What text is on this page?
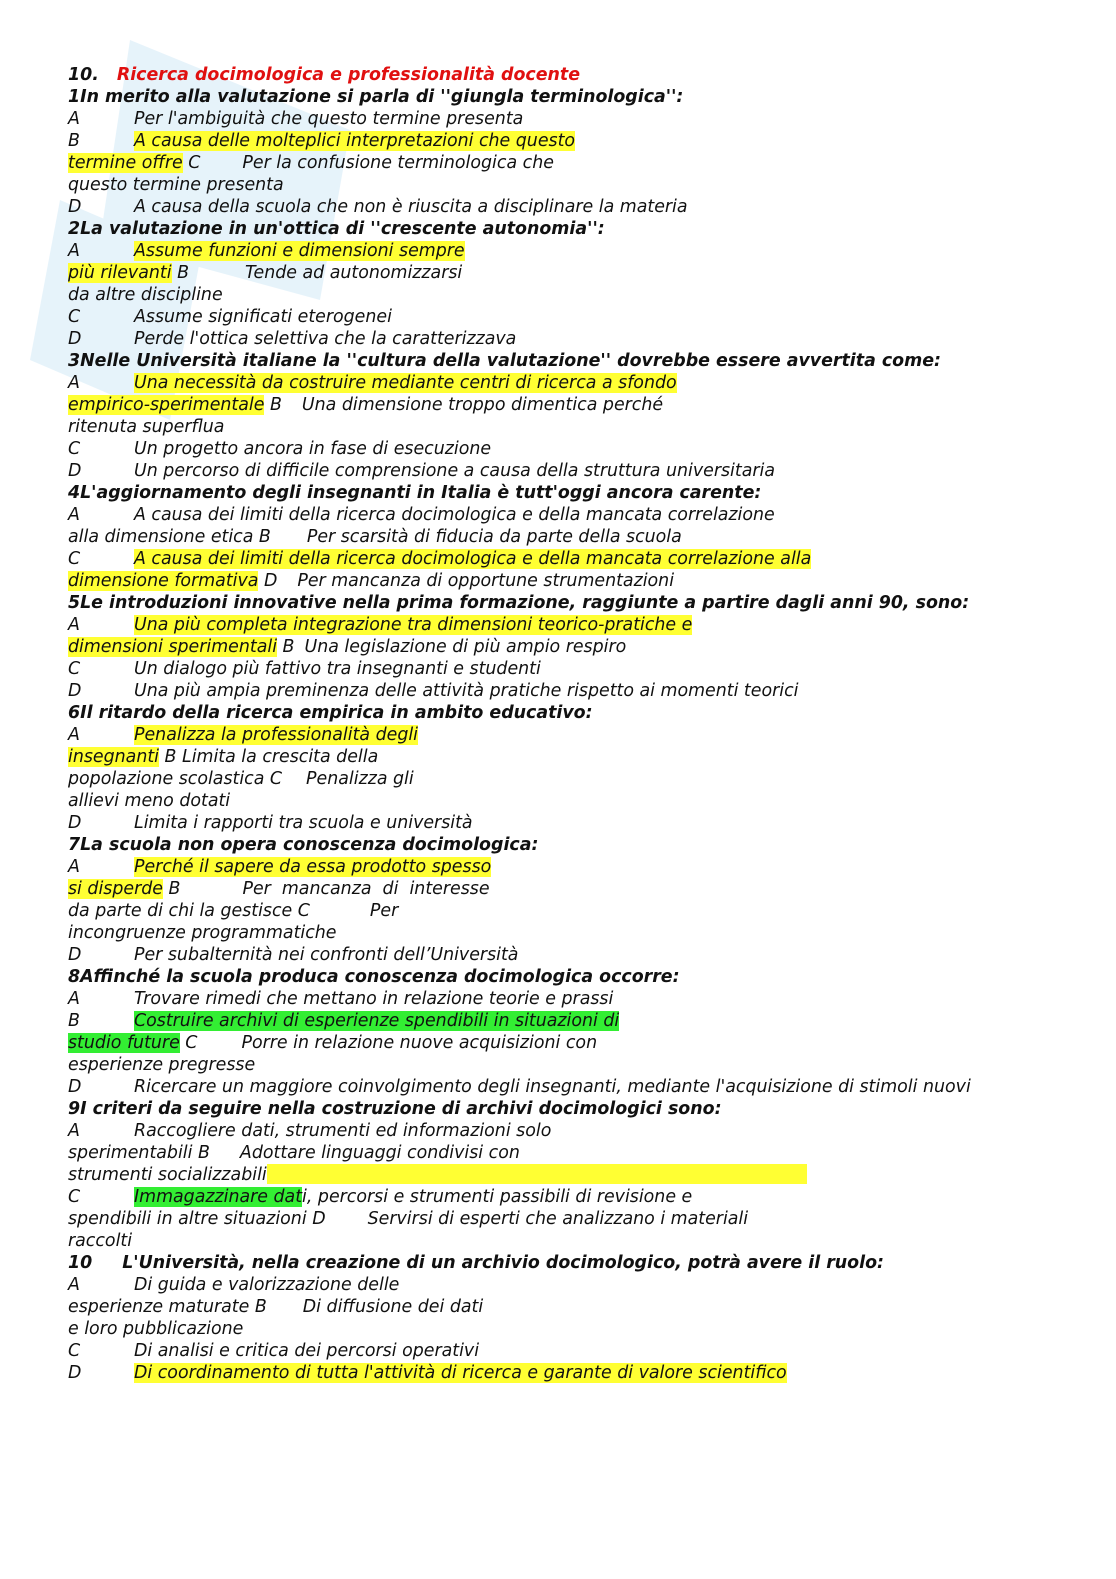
10. Ricerca docimologica e professionalità docente
1In merito alla valutazione si parla di ''giungla terminologica'':
A	Per l'ambiguità che questo termine presenta
B	A causa delle molteplici interpretazioni che questo
termine offre C Per la confusione terminologica che
questo termine presenta
D	A causa della scuola che non è riuscita a disciplinare la materia
2La valutazione in un'ottica di ''crescente autonomia'':
A	Assume funzioni e dimensioni sempre
più rilevanti B	Tende ad autonomizzarsi
da altre discipline
C	Assume significati eterogenei
D	Perde l'ottica selettiva che la caratterizzava
3Nelle Università italiane la ''cultura della valutazione'' dovrebbe essere avvertita come:
A	Una necessità da costruire mediante centri di ricerca a sfondo
empirico-sperimentale B Una dimensione troppo dimentica perché
ritenuta superflua
C	Un progetto ancora in fase di esecuzione
D	Un percorso di difficile comprensione a causa della struttura universitaria
4L'aggiornamento degli insegnanti in Italia è tutt'oggi ancora carente:
A	A causa dei limiti della ricerca docimologica e della mancata correlazione
alla dimensione etica B Per scarsità di fiducia da parte della scuola
C	A causa dei limiti della ricerca docimologica e della mancata correlazione alla
dimensione formativa D Per mancanza di opportune strumentazioni
5Le introduzioni innovative nella prima formazione, raggiunte a partire dagli anni 90, sono:
A	Una più completa integrazione tra dimensioni teorico-pratiche e
dimensioni sperimentali B Una legislazione di più ampio respiro
C	Un dialogo più fattivo tra insegnanti e studenti
D	Una più ampia preminenza delle attività pratiche rispetto ai momenti teorici
6Il ritardo della ricerca empirica in ambito educativo:
A	Penalizza la professionalità degli
insegnanti B Limita la crescita della
popolazione scolastica C Penalizza gli
allievi meno dotati
D	Limita i rapporti tra scuola e università
7La scuola non opera conoscenza docimologica:
A	Perché il sapere da essa prodotto spesso
si disperde B	Per  mancanza  di  interesse
da parte di chi la gestisce C	Per
incongruenze programmatiche
D	Per subalternità nei confronti dell’Università
8Affinché la scuola produca conoscenza docimologica occorre:
A	Trovare rimedi che mettano in relazione teorie e prassi
B	Costruire archivi di esperienze spendibili in situazioni di
studio future C	Porre in relazione nuove acquisizioni con
esperienze pregresse
D	Ricercare un maggiore coinvolgimento degli insegnanti, mediante l'acquisizione di stimoli nuovi
9I criteri da seguire nella costruzione di archivi docimologici sono:
A	Raccogliere dati, strumenti ed informazioni solo
sperimentabili B Adottare linguaggi condivisi con
strumenti socializzabili
C	Immagazzinare dati, percorsi e strumenti passibili di revisione e
spendibili in altre situazioni D Servirsi di esperti che analizzano i materiali
raccolti
10 L'Università, nella creazione di un archivio docimologico, potrà avere il ruolo:
A	Di guida e valorizzazione delle
esperienze maturate B Di diffusione dei dati
e loro pubblicazione
C	Di analisi e critica dei percorsi operativi
D	Di coordinamento di tutta l'attività di ricerca e garante di valore scientifico
